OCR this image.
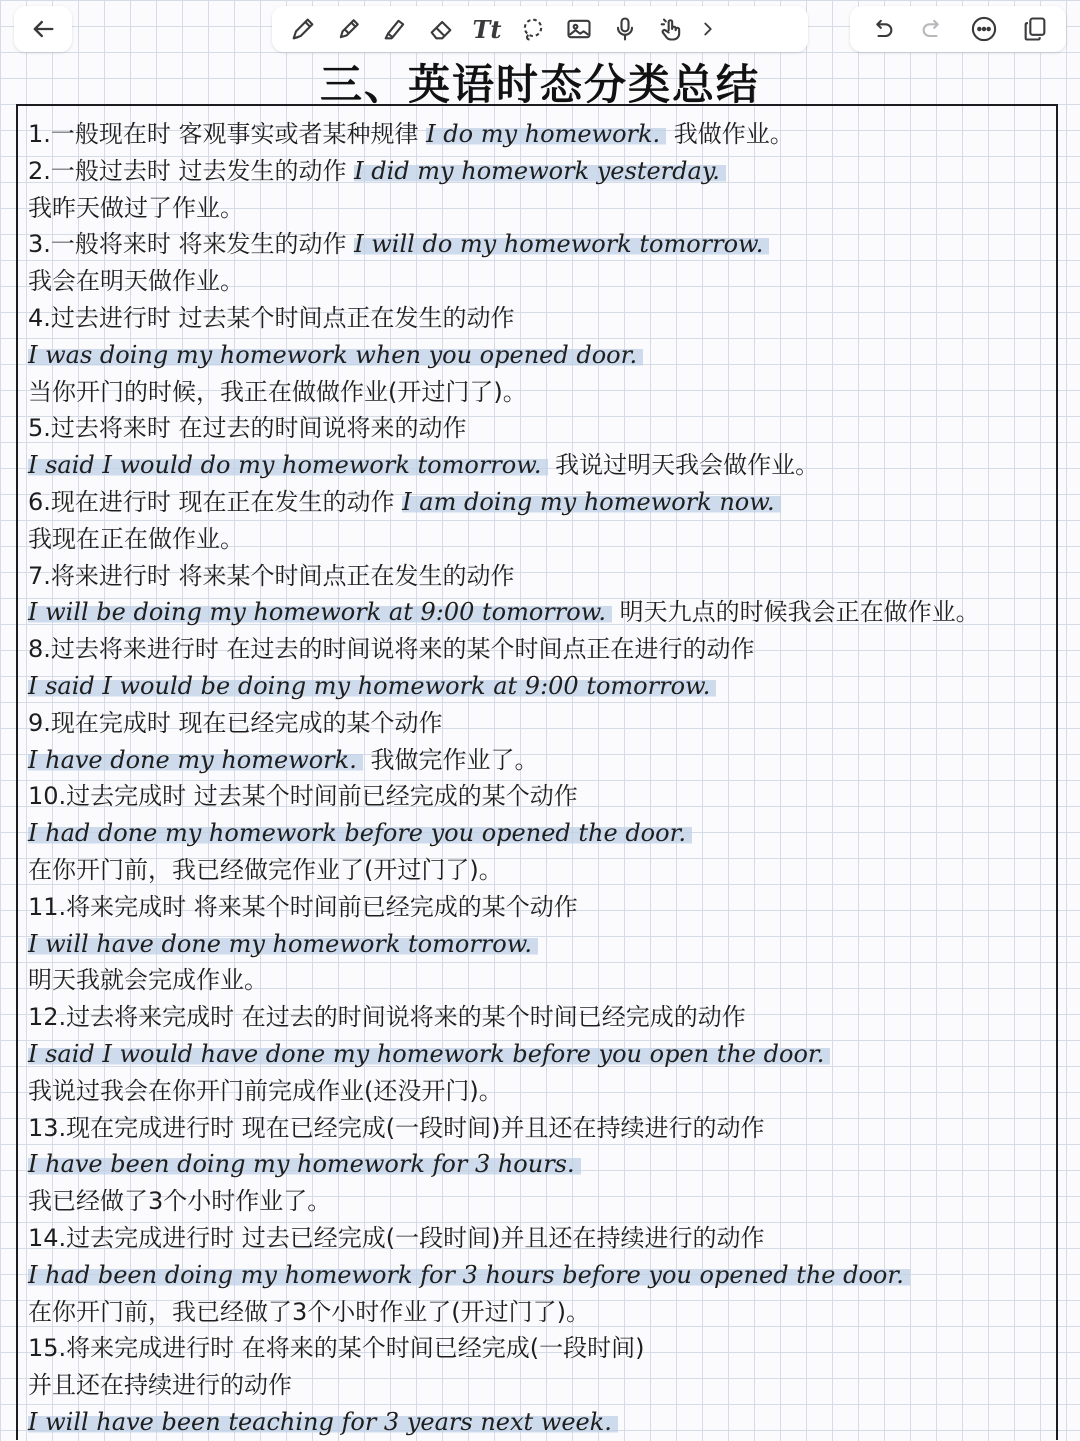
Tt
三、英语时态分类总结
1.一般现在时 客观事实或者某种规律 I do my homework. 我做作业。
2.一般过去时 过去发生的动作 I did my homework yesterday.
我昨天做过了作业。
3.一般将来时 将来发生的动作 I will do my homework tomorrow.
我会在明天做作业。
4.过去进行时 过去某个时间点正在发生的动作
I was doing my homework when you opened door.
当你开门的时候，我正在做做作业(开过门了)。
5.过去将来时 在过去的时间说将来的动作
I said I would do my homework tomorrow. 我说过明天我会做作业。
6.现在进行时 现在正在发生的动作 I am doing my homework now.
我现在正在做作业。
7.将来进行时 将来某个时间点正在发生的动作
I will be doing my homework at 9:00 tomorrow. 明天九点的时候我会正在做作业。
8.过去将来进行时 在过去的时间说将来的某个时间点正在进行的动作
I said I would be doing my homework at 9:00 tomorrow.
9.现在完成时 现在已经完成的某个动作
I have done my homework. 我做完作业了。
10.过去完成时 过去某个时间前已经完成的某个动作
I had done my homework before you opened the door.
在你开门前，我已经做完作业了(开过门了)。
11.将来完成时 将来某个时间前已经完成的某个动作
I will have done my homework tomorrow.
明天我就会完成作业。
12.过去将来完成时 在过去的时间说将来的某个时间已经完成的动作
I said I would have done my homework before you open the door.
我说过我会在你开门前完成作业(还没开门)。
13.现在完成进行时 现在已经完成(一段时间)并且还在持续进行的动作
I have been doing my homework for 3 hours.
我已经做了3个小时作业了。
14.过去完成进行时 过去已经完成(一段时间)并且还在持续进行的动作
I had been doing my homework for 3 hours before you opened the door.
在你开门前，我已经做了3个小时作业了(开过门了)。
15.将来完成进行时 在将来的某个时间已经完成(一段时间)
并且还在持续进行的动作
I will have been teaching for 3 years next week.
